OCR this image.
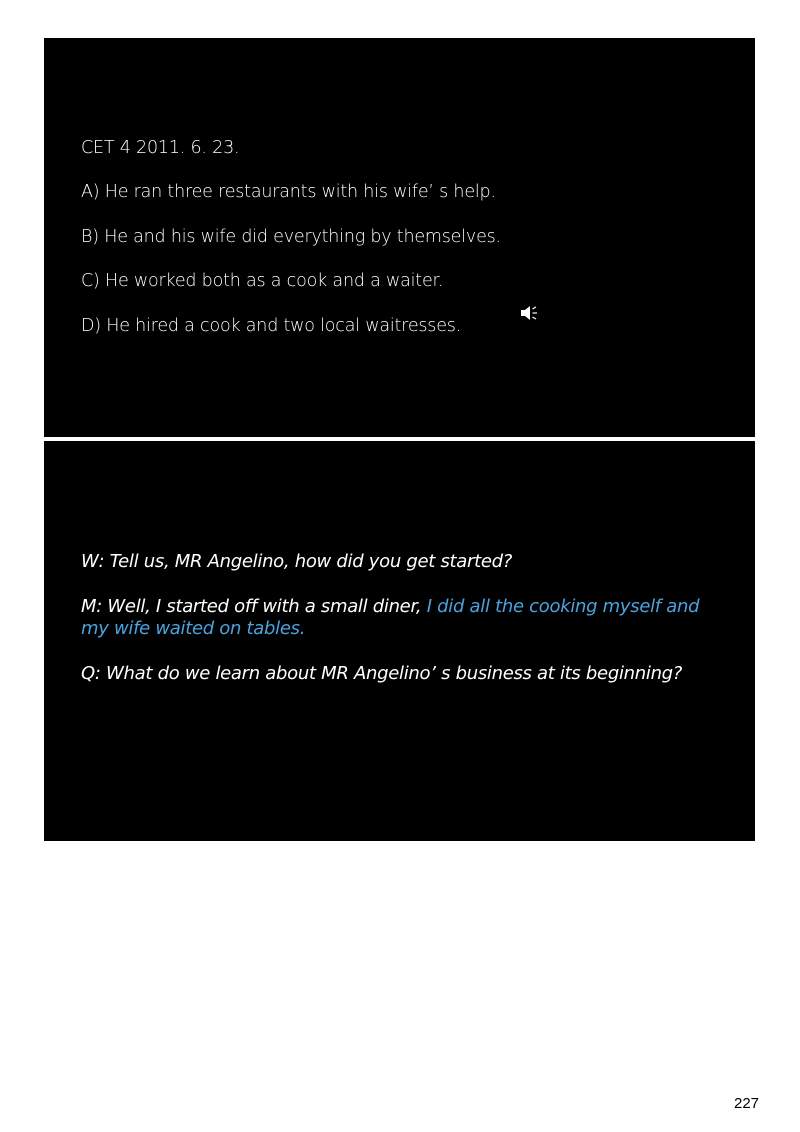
CET 4 2011. 6. 23.

A) He ran three restaurants with his wife’ s help.

B) He and his wife did everything by themselves.

C) He worked both as a cook and a waiter.

D) He hired a cook and two local waitresses.

W: Tell us, MR Angelino, how did you get started?

M: Well, I started off with a small diner, I did all the cooking myself and my wife waited on tables.

Q: What do we learn about MR Angelino’ s business at its beginning?

227
